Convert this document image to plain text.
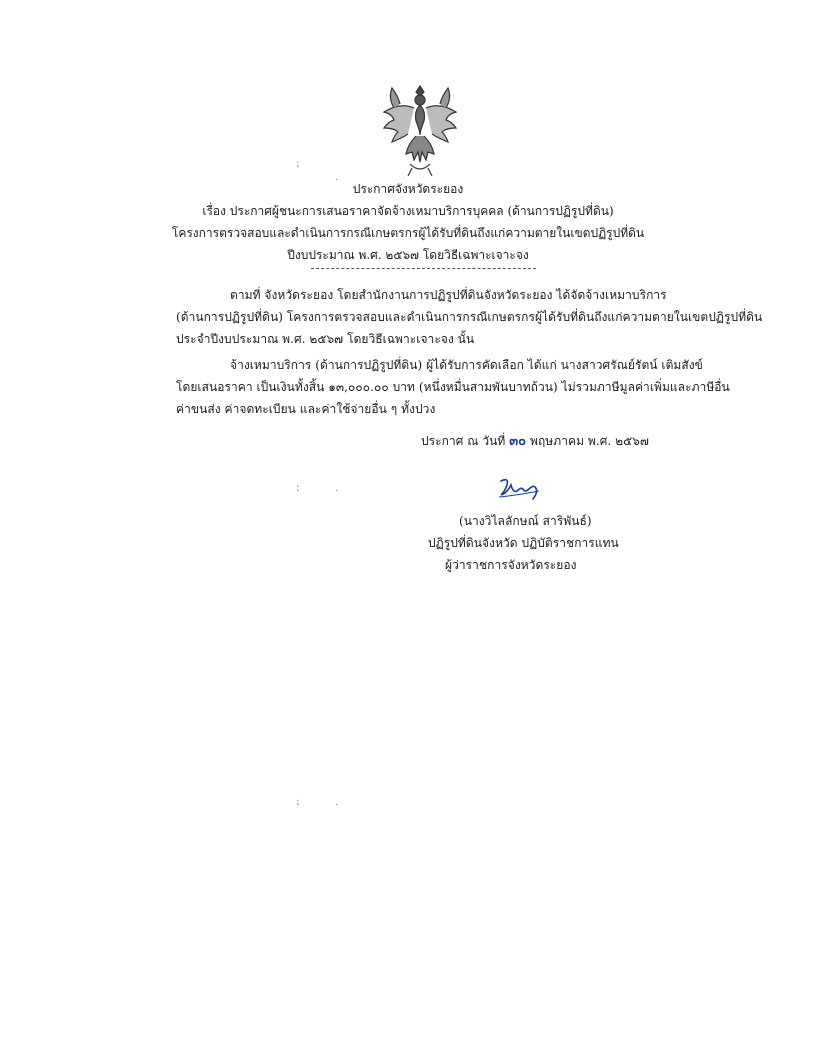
ประกาศจังหวัดระยอง
เรื่อง ประกาศผู้ชนะการเสนอราคาจัดจ้างเหมาบริการบุคคล (ด้านการปฏิรูปที่ดิน)
โครงการตรวจสอบและดำเนินการกรณีเกษตรกรผู้ได้รับที่ดินถึงแก่ความตายในเขตปฏิรูปที่ดิน
ปีงบประมาณ พ.ศ. ๒๕๖๗ โดยวิธีเฉพาะเจาะจง
ตามที่ จังหวัดระยอง โดยสำนักงานการปฏิรูปที่ดินจังหวัดระยอง ได้จัดจ้างเหมาบริการ
(ด้านการปฏิรูปที่ดิน) โครงการตรวจสอบและดำเนินการกรณีเกษตรกรผู้ได้รับที่ดินถึงแก่ความตายในเขตปฏิรูปที่ดิน
ประจำปีงบประมาณ พ.ศ. ๒๕๖๗ โดยวิธีเฉพาะเจาะจง นั้น
จ้างเหมาบริการ (ด้านการปฏิรูปที่ดิน) ผู้ได้รับการคัดเลือก ได้แก่ นางสาวศรัณย์รัตน์ เติมสังข์
โดยเสนอราคา เป็นเงินทั้งสิ้น ๑๓,๐๐๐.๐๐ บาท (หนึ่งหมื่นสามพันบาทถ้วน) ไม่รวมภาษีมูลค่าเพิ่มและภาษีอื่น
ค่าขนส่ง ค่าจดทะเบียน และค่าใช้จ่ายอื่น ๆ ทั้งปวง
ประกาศ ณ วันที่ ๓๐ พฤษภาคม พ.ศ. ๒๕๖๗
(นางวิไลลักษณ์ สาริพันธ์)
ปฏิรูปที่ดินจังหวัด ปฏิบัติราชการแทน
ผู้ว่าราชการจังหวัดระยอง
⁏
·
⁏	·
⁏	·
